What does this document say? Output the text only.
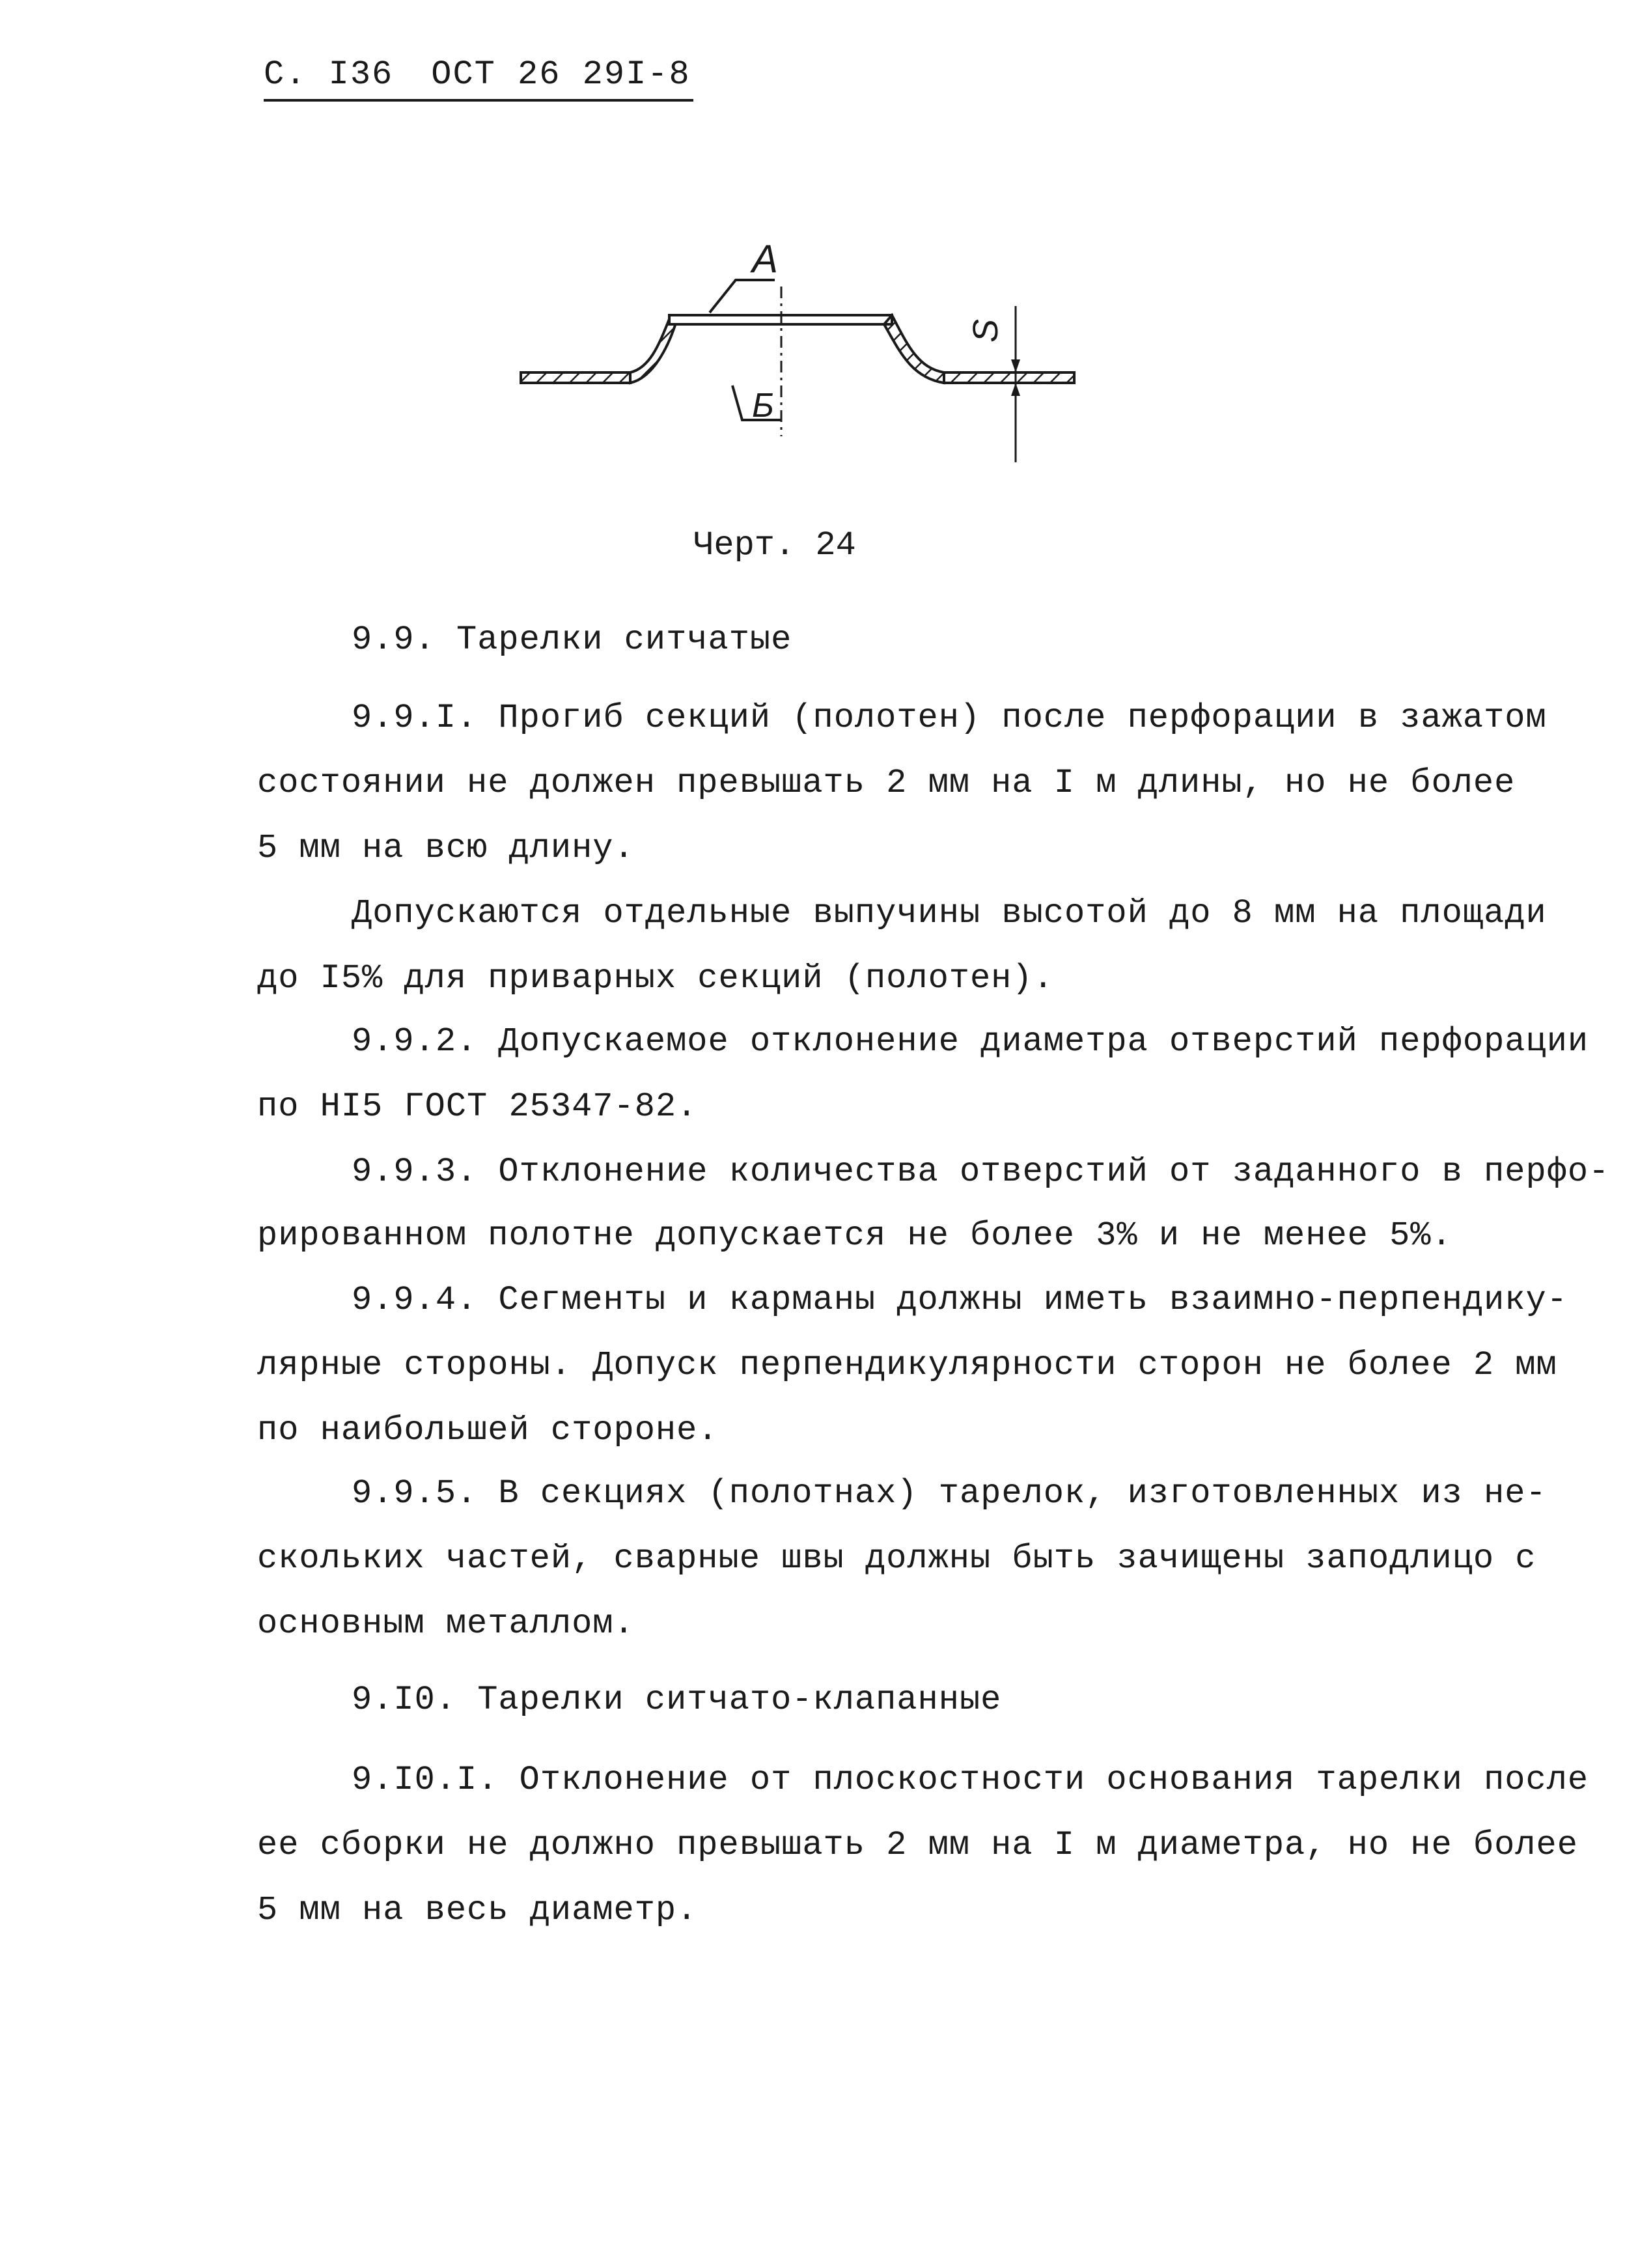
С. I36 ОСТ 26 29I-8
А
Б
S
Черт. 24
9.9. Тарелки ситчатые
9.9.I. Прогиб секций (полотен) после перфорации в зажатом
состоянии не должен превышать 2 мм на I м длины, но не более
5 мм на всю длину.
Допускаются отдельные выпучины высотой до 8 мм на площади
до I5% для приварных секций (полотен).
9.9.2. Допускаемое отклонение диаметра отверстий перфорации
по HI5 ГОСТ 25347-82.
9.9.3. Отклонение количества отверстий от заданного в перфо-
рированном полотне допускается не более 3% и не менее 5%.
9.9.4. Сегменты и карманы должны иметь взаимно-перпендику-
лярные стороны. Допуск перпендикулярности сторон не более 2 мм
по наибольшей стороне.
9.9.5. В секциях (полотнах) тарелок, изготовленных из не-
скольких частей, сварные швы должны быть зачищены заподлицо с
основным металлом.
9.I0. Тарелки ситчато-клапанные
9.I0.I. Отклонение от плоскостности основания тарелки после
ее сборки не должно превышать 2 мм на I м диаметра, но не более
5 мм на весь диаметр.
